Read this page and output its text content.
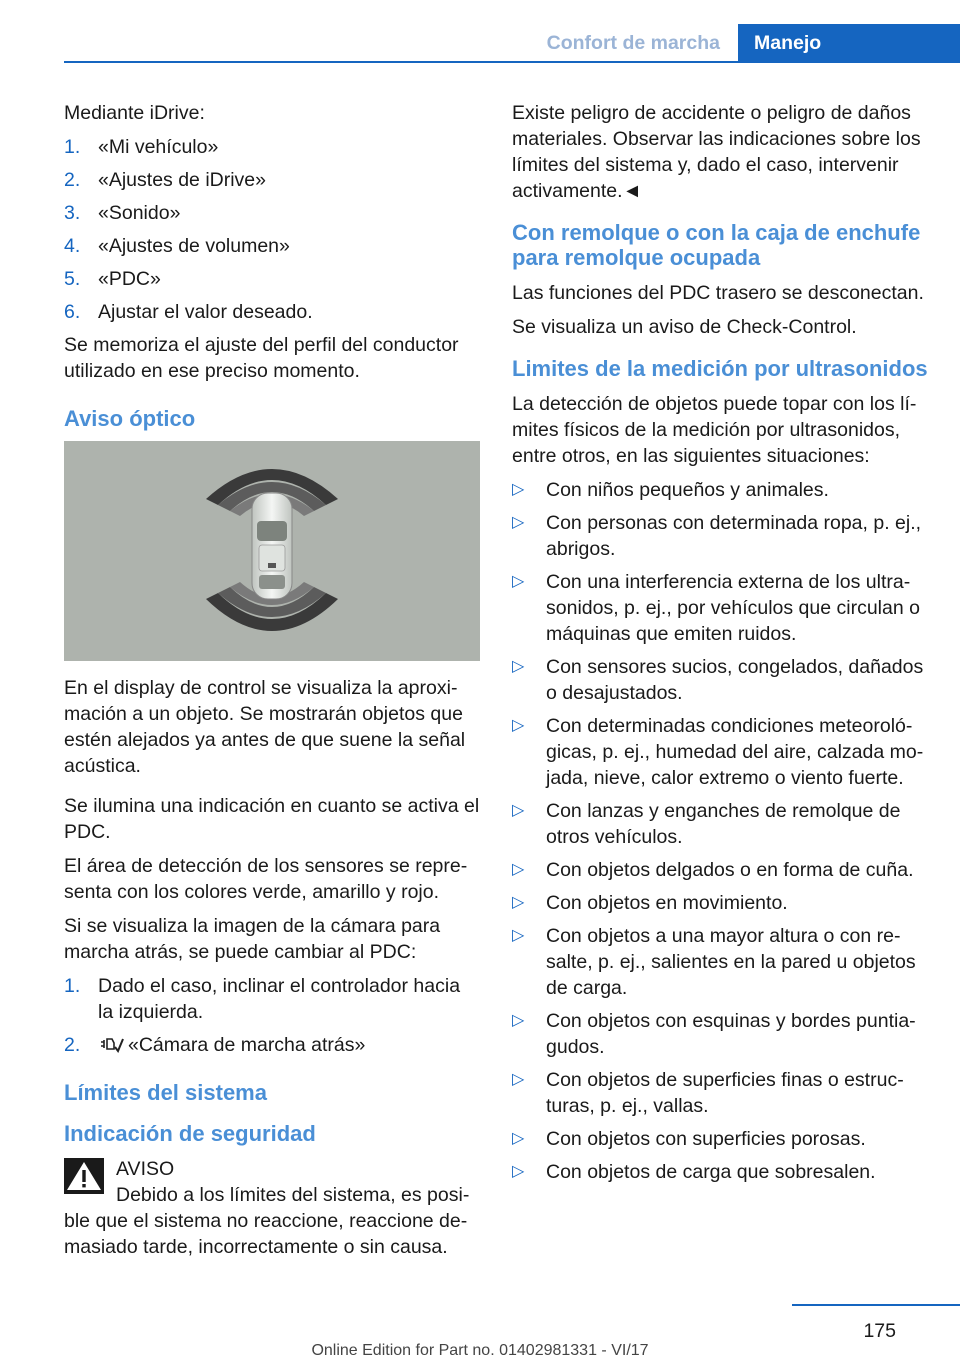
Confort de marcha	Manejo

Mediante iDrive:

1. «Mi vehículo»
2. «Ajustes de iDrive»
3. «Sonido»
4. «Ajustes de volumen»
5. «PDC»
6. Ajustar el valor deseado.

Se memoriza el ajuste del perfil del conductor utilizado en ese preciso momento.

Aviso óptico

En el display de control se visualiza la aproximación a un objeto. Se mostrarán objetos que estén alejados ya antes de que suene la señal acústica.

Se ilumina una indicación en cuanto se activa el PDC.

El área de detección de los sensores se representa con los colores verde, amarillo y rojo.

Si se visualiza la imagen de la cámara para marcha atrás, se puede cambiar al PDC:

1. Dado el caso, inclinar el controlador hacia la izquierda.
2. «Cámara de marcha atrás»
Límites del sistema
Indicación de seguridad
AVISO

Debido a los límites del sistema, es posible que el sistema no reaccione, reaccione demasiado tarde, incorrectamente o sin causa.

Existe peligro de accidente o peligro de daños materiales. Observar las indicaciones sobre los límites del sistema y, dado el caso, intervenir activamente.◄

Con remolque o con la caja de enchufe para remolque ocupada

Las funciones del PDC trasero se desconectan.

Se visualiza un aviso de Check-Control.

Limites de la medición por ultrasonidos

La detección de objetos puede topar con los límites físicos de la medición por ultrasonidos, entre otros, en las siguientes situaciones:

▷ Con niños pequeños y animales.
▷ Con personas con determinada ropa, p. ej., abrigos.
▷ Con una interferencia externa de los ultrasonidos, p. ej., por vehículos que circulan o máquinas que emiten ruidos.
▷ Con sensores sucios, congelados, dañados o desajustados.
▷ Con determinadas condiciones meteorológicas, p. ej., humedad del aire, calzada mojada, nieve, calor extremo o viento fuerte.
▷ Con lanzas y enganches de remolque de otros vehículos.
▷ Con objetos delgados o en forma de cuña.
▷ Con objetos en movimiento.
▷ Con objetos a una mayor altura o con resalte, p. ej., salientes en la pared u objetos de carga.
▷ Con objetos con esquinas y bordes puntiagudos.
▷ Con objetos de superficies finas o estructuras, p. ej., vallas.
▷ Con objetos con superficies porosas.
▷ Con objetos de carga que sobresalen.
175
Online Edition for Part no. 01402981331 - VI/17
